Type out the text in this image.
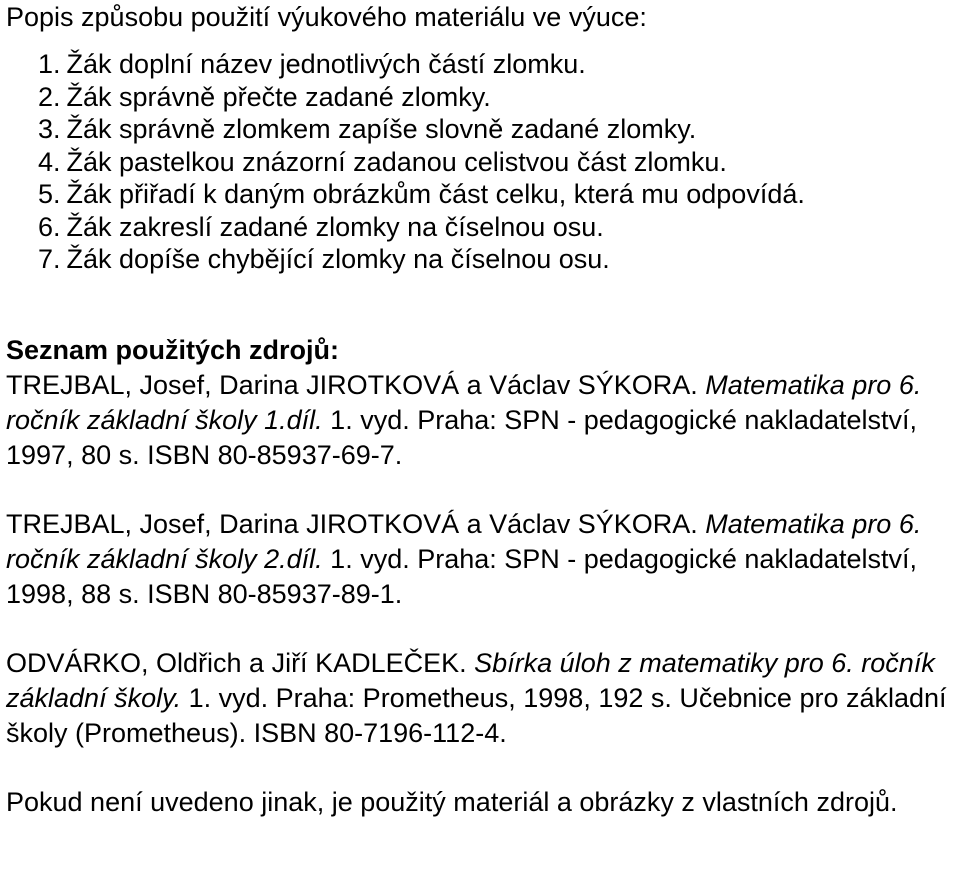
Popis způsobu použití výukového materiálu ve výuce:

1. Žák doplní název jednotlivých částí zlomku.
2. Žák správně přečte zadané zlomky.
3. Žák správně zlomkem zapíše slovně zadané zlomky.
4. Žák pastelkou znázorní zadanou celistvou část zlomku.
5. Žák přiřadí k daným obrázkům část celku, která mu odpovídá.
6. Žák zakreslí zadané zlomky na číselnou osu.
7. Žák dopíše chybějící zlomky na číselnou osu.

Seznam použitých zdrojů:

TREJBAL, Josef, Darina JIROTKOVÁ a Václav SÝKORA. Matematika pro 6. ročník základní školy 1.díl. 1. vyd. Praha: SPN - pedagogické nakladatelství, 1997, 80 s. ISBN 80-85937-69-7.

TREJBAL, Josef, Darina JIROTKOVÁ a Václav SÝKORA. Matematika pro 6. ročník základní školy 2.díl. 1. vyd. Praha: SPN - pedagogické nakladatelství, 1998, 88 s. ISBN 80-85937-89-1.

ODVÁRKO, Oldřich a Jiří KADLEČEK. Sbírka úloh z matematiky pro 6. ročník základní školy. 1. vyd. Praha: Prometheus, 1998, 192 s. Učebnice pro základní školy (Prometheus). ISBN 80-7196-112-4.

Pokud není uvedeno jinak, je použitý materiál a obrázky z vlastních zdrojů.
